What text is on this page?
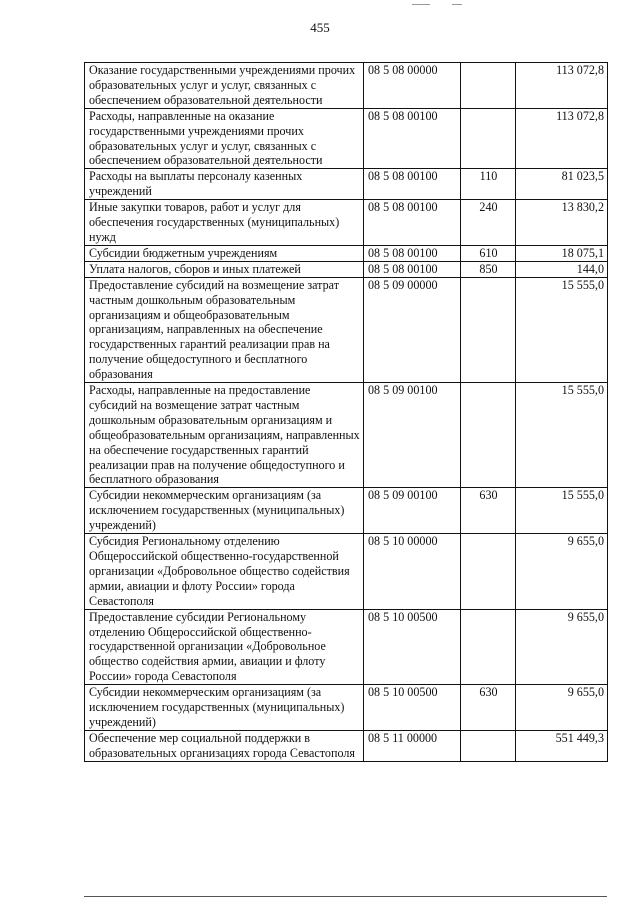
455
Оказание государственными учреждениями прочих образовательных услуг и услуг, связанных с обеспечением образовательной деятельности	08 5 08 00000		113 072,8
Расходы, направленные на оказание государственными учреждениями прочих образовательных услуг и услуг, связанных с обеспечением образовательной деятельности	08 5 08 00100		113 072,8
Расходы на выплаты персоналу казенных учреждений	08 5 08 00100	110	81 023,5
Иные закупки товаров, работ и услуг для обеспечения государственных (муниципальных) нужд	08 5 08 00100	240	13 830,2
Субсидии бюджетным учреждениям	08 5 08 00100	610	18 075,1
Уплата налогов, сборов и иных платежей	08 5 08 00100	850	144,0
Предоставление субсидий на возмещение затрат частным дошкольным образовательным организациям и общеобразовательным организациям, направленных на обеспечение государственных гарантий реализации прав на получение общедоступного и бесплатного образования	08 5 09 00000		15 555,0
Расходы, направленные на предоставление субсидий на возмещение затрат частным дошкольным образовательным организациям и общеобразовательным организациям, направленных на обеспечение государственных гарантий реализации прав на получение общедоступного и бесплатного образования	08 5 09 00100		15 555,0
Субсидии некоммерческим организациям (за исключением государственных (муниципальных) учреждений)	08 5 09 00100	630	15 555,0
Субсидия Региональному отделению Общероссийской общественно-государственной организации «Добровольное общество содействия армии, авиации и флоту России» города Севастополя	08 5 10 00000		9 655,0
Предоставление субсидии Региональному отделению Общероссийской общественно-государственной организации «Добровольное общество содействия армии, авиации и флоту России» города Севастополя	08 5 10 00500		9 655,0
Субсидии некоммерческим организациям (за исключением государственных (муниципальных) учреждений)	08 5 10 00500	630	9 655,0
Обеспечение мер социальной поддержки в образовательных организациях города Севастополя	08 5 11 00000		551 449,3
